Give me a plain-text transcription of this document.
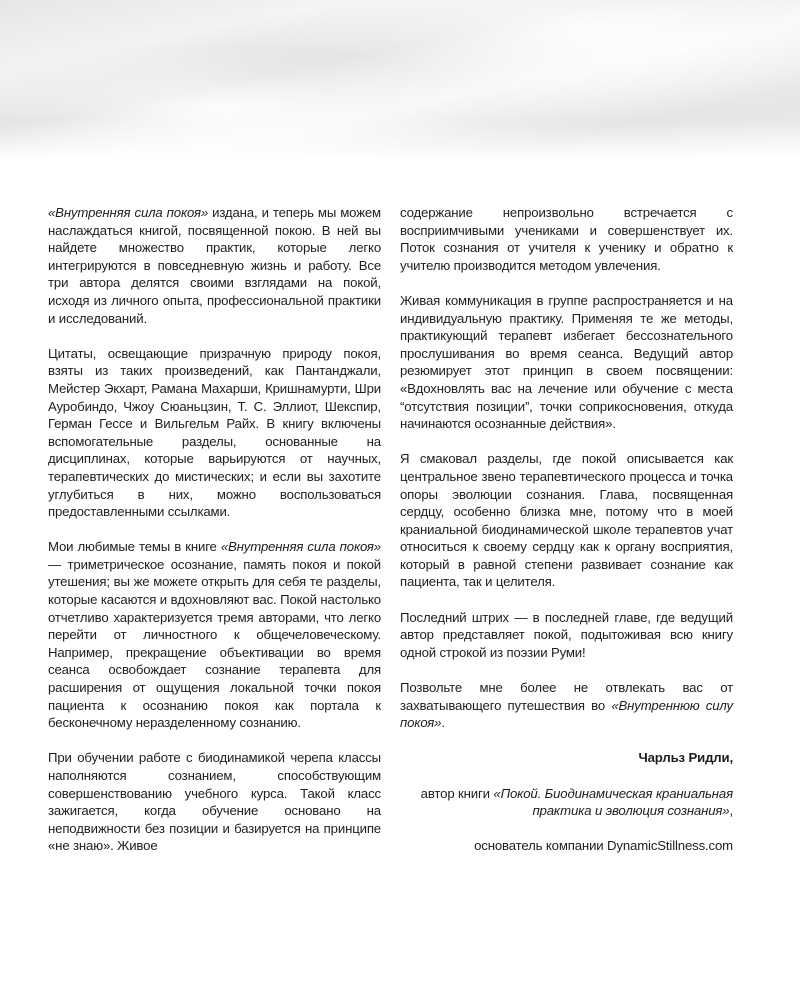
«Внутренняя сила покоя» издана, и теперь мы можем наслаждаться книгой, посвященной покою. В ней вы найдете множество практик, которые легко интегрируются в повседневную жизнь и работу. Все три автора делятся своими взглядами на покой, исходя из личного опыта, профессиональной практики и исследований.

Цитаты, освещающие призрачную природу покоя, взяты из таких произведений, как Пантанджали, Мейстер Экхарт, Рамана Махарши, Кришнамурти, Шри Ауробиндо, Чжоу Сюаньцзин, Т. С. Эллиот, Шекспир, Герман Гессе и Вильгельм Райх. В книгу включены вспомогательные разделы, основанные на дисциплинах, которые варьируются от научных, терапевтических до мистических; и если вы захотите углубиться в них, можно воспользоваться предоставленными ссылками.

Мои любимые темы в книге «Внутренняя сила покоя» — триметрическое осознание, память покоя и покой утешения; вы же можете открыть для себя те разделы, которые касаются и вдохновляют вас. Покой настолько отчетливо характеризуется тремя авторами, что легко перейти от личностного к общечеловеческому. Например, прекращение объективации во время сеанса освобождает сознание терапевта для расширения от ощущения локальной точки покоя пациента к осознанию покоя как портала к бесконечному неразделенному сознанию.

При обучении работе с биодинамикой черепа классы наполняются сознанием, способствующим совершенствованию учебного курса. Такой класс зажигается, когда обучение основано на неподвижности без позиции и базируется на принципе «не знаю». Живое

содержание непроизвольно встречается с восприимчивыми учениками и совершенствует их. Поток сознания от учителя к ученику и обратно к учителю производится методом увлечения.

Живая коммуникация в группе распространяется и на индивидуальную практику. Применяя те же методы, практикующий терапевт избегает бессознательного прослушивания во время сеанса. Ведущий автор резюмирует этот принцип в своем посвящении: «Вдохновлять вас на лечение или обучение с места “отсутствия позиции”, точки соприкосновения, откуда начинаются осознанные действия».

Я смаковал разделы, где покой описывается как центральное звено терапевтического процесса и точка опоры эволюции сознания. Глава, посвященная сердцу, особенно близка мне, потому что в моей краниальной биодинамической школе терапевтов учат относиться к своему сердцу как к органу восприятия, который в равной степени развивает сознание как пациента, так и целителя.

Последний штрих — в последней главе, где ведущий автор представляет покой, подытоживая всю книгу одной строкой из поэзии Руми!

Позвольте мне более не отвлекать вас от захватывающего путешествия во «Внутреннюю силу покоя».

Чарльз Ридли,

автор книги «Покой. Биодинамическая краниальная практика и эволюция сознания»,

основатель компании DynamicStillness.com
